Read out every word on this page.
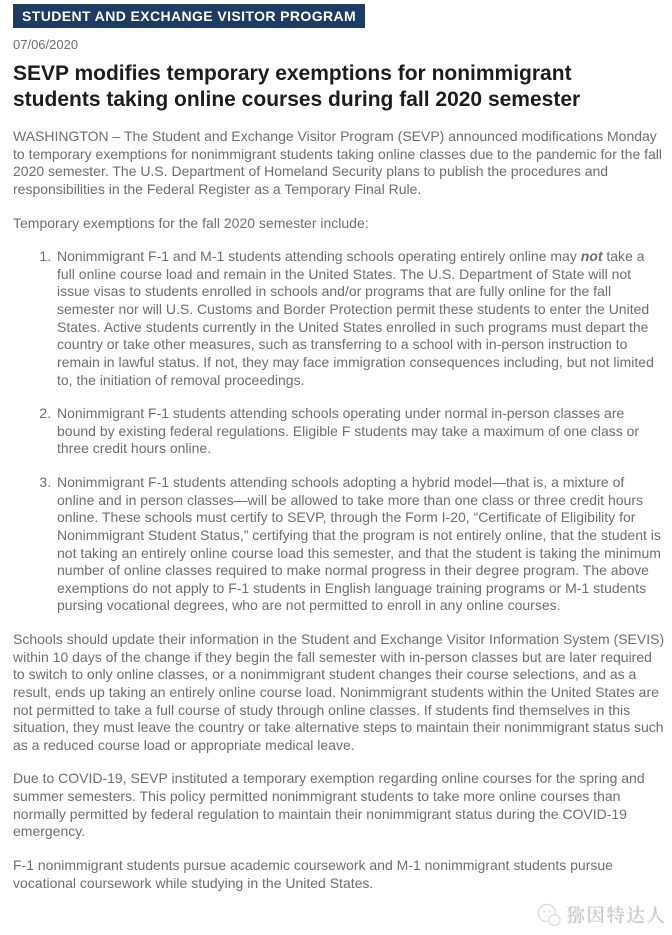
STUDENT AND EXCHANGE VISITOR PROGRAM
07/06/2020
SEVP modifies temporary exemptions for nonimmigrant students taking online courses during fall 2020 semester

WASHINGTON – The Student and Exchange Visitor Program (SEVP) announced modifications Monday to temporary exemptions for nonimmigrant students taking online classes due to the pandemic for the fall 2020 semester. The U.S. Department of Homeland Security plans to publish the procedures and responsibilities in the Federal Register as a Temporary Final Rule.

Temporary exemptions for the fall 2020 semester include:

1. Nonimmigrant F-1 and M-1 students attending schools operating entirely online may not take a full online course load and remain in the United States. The U.S. Department of State will not issue visas to students enrolled in schools and/or programs that are fully online for the fall semester nor will U.S. Customs and Border Protection permit these students to enter the United States. Active students currently in the United States enrolled in such programs must depart the country or take other measures, such as transferring to a school with in-person instruction to remain in lawful status. If not, they may face immigration consequences including, but not limited to, the initiation of removal proceedings.
2. Nonimmigrant F-1 students attending schools operating under normal in-person classes are bound by existing federal regulations. Eligible F students may take a maximum of one class or three credit hours online.
3. Nonimmigrant F-1 students attending schools adopting a hybrid model—that is, a mixture of online and in person classes—will be allowed to take more than one class or three credit hours online. These schools must certify to SEVP, through the Form I-20, “Certificate of Eligibility for Nonimmigrant Student Status,” certifying that the program is not entirely online, that the student is not taking an entirely online course load this semester, and that the student is taking the minimum number of online classes required to make normal progress in their degree program. The above exemptions do not apply to F-1 students in English language training programs or M-1 students pursing vocational degrees, who are not permitted to enroll in any online courses.

Schools should update their information in the Student and Exchange Visitor Information System (SEVIS) within 10 days of the change if they begin the fall semester with in-person classes but are later required to switch to only online classes, or a nonimmigrant student changes their course selections, and as a result, ends up taking an entirely online course load. Nonimmigrant students within the United States are not permitted to take a full course of study through online classes. If students find themselves in this situation, they must leave the country or take alternative steps to maintain their nonimmigrant status such as a reduced course load or appropriate medical leave.

Due to COVID-19, SEVP instituted a temporary exemption regarding online courses for the spring and summer semesters. This policy permitted nonimmigrant students to take more online courses than normally permitted by federal regulation to maintain their nonimmigrant status during the COVID-19 emergency.

F-1 nonimmigrant students pursue academic coursework and M-1 nonimmigrant students pursue vocational coursework while studying in the United States.

猕因特达人
